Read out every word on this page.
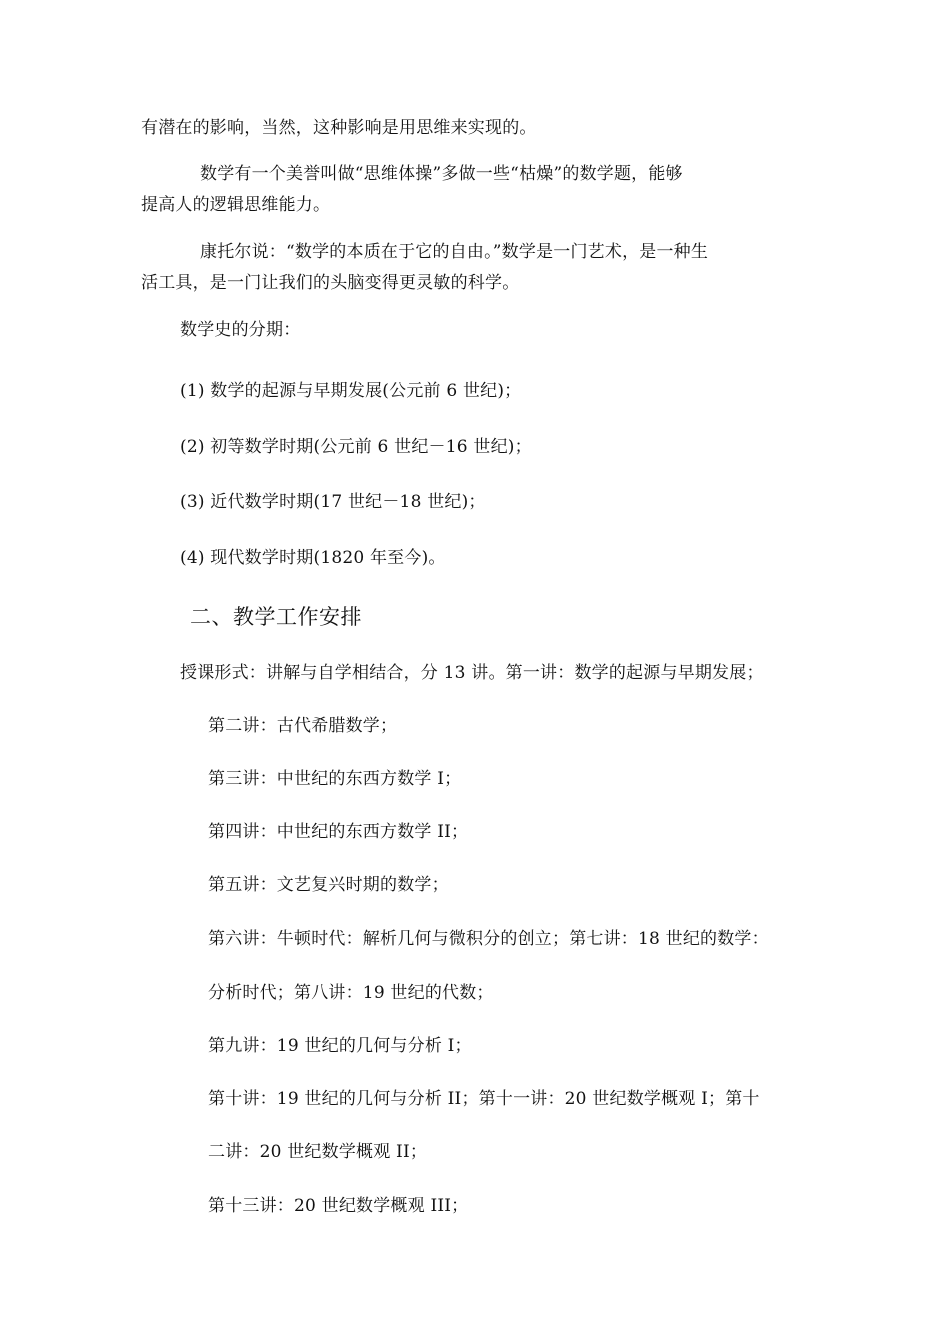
有潜在的影响，当然，这种影响是用思维来实现的。
数学有一个美誉叫做“思维体操”多做一些“枯燥”的数学题，能够
提高人的逻辑思维能力。
康托尔说：“数学的本质在于它的自由。”数学是一门艺术，是一种生
活工具，是一门让我们的头脑变得更灵敏的科学。
数学史的分期：
(1) 数学的起源与早期发展(公元前 6 世纪)；
(2) 初等数学时期(公元前 6 世纪－16 世纪)；
(3) 近代数学时期(17 世纪－18 世纪)；
(4) 现代数学时期(1820 年至今)。
二、教学工作安排
授课形式：讲解与自学相结合，分 13 讲。第一讲：数学的起源与早期发展；
第二讲：古代希腊数学；
第三讲：中世纪的东西方数学 I；
第四讲：中世纪的东西方数学 II；
第五讲：文艺复兴时期的数学；
第六讲：牛顿时代：解析几何与微积分的创立；第七讲：18 世纪的数学：
分析时代；第八讲：19 世纪的代数；
第九讲：19 世纪的几何与分析 I；
第十讲：19 世纪的几何与分析 II；第十一讲：20 世纪数学概观 I；第十
二讲：20 世纪数学概观 II；
第十三讲：20 世纪数学概观 III；
